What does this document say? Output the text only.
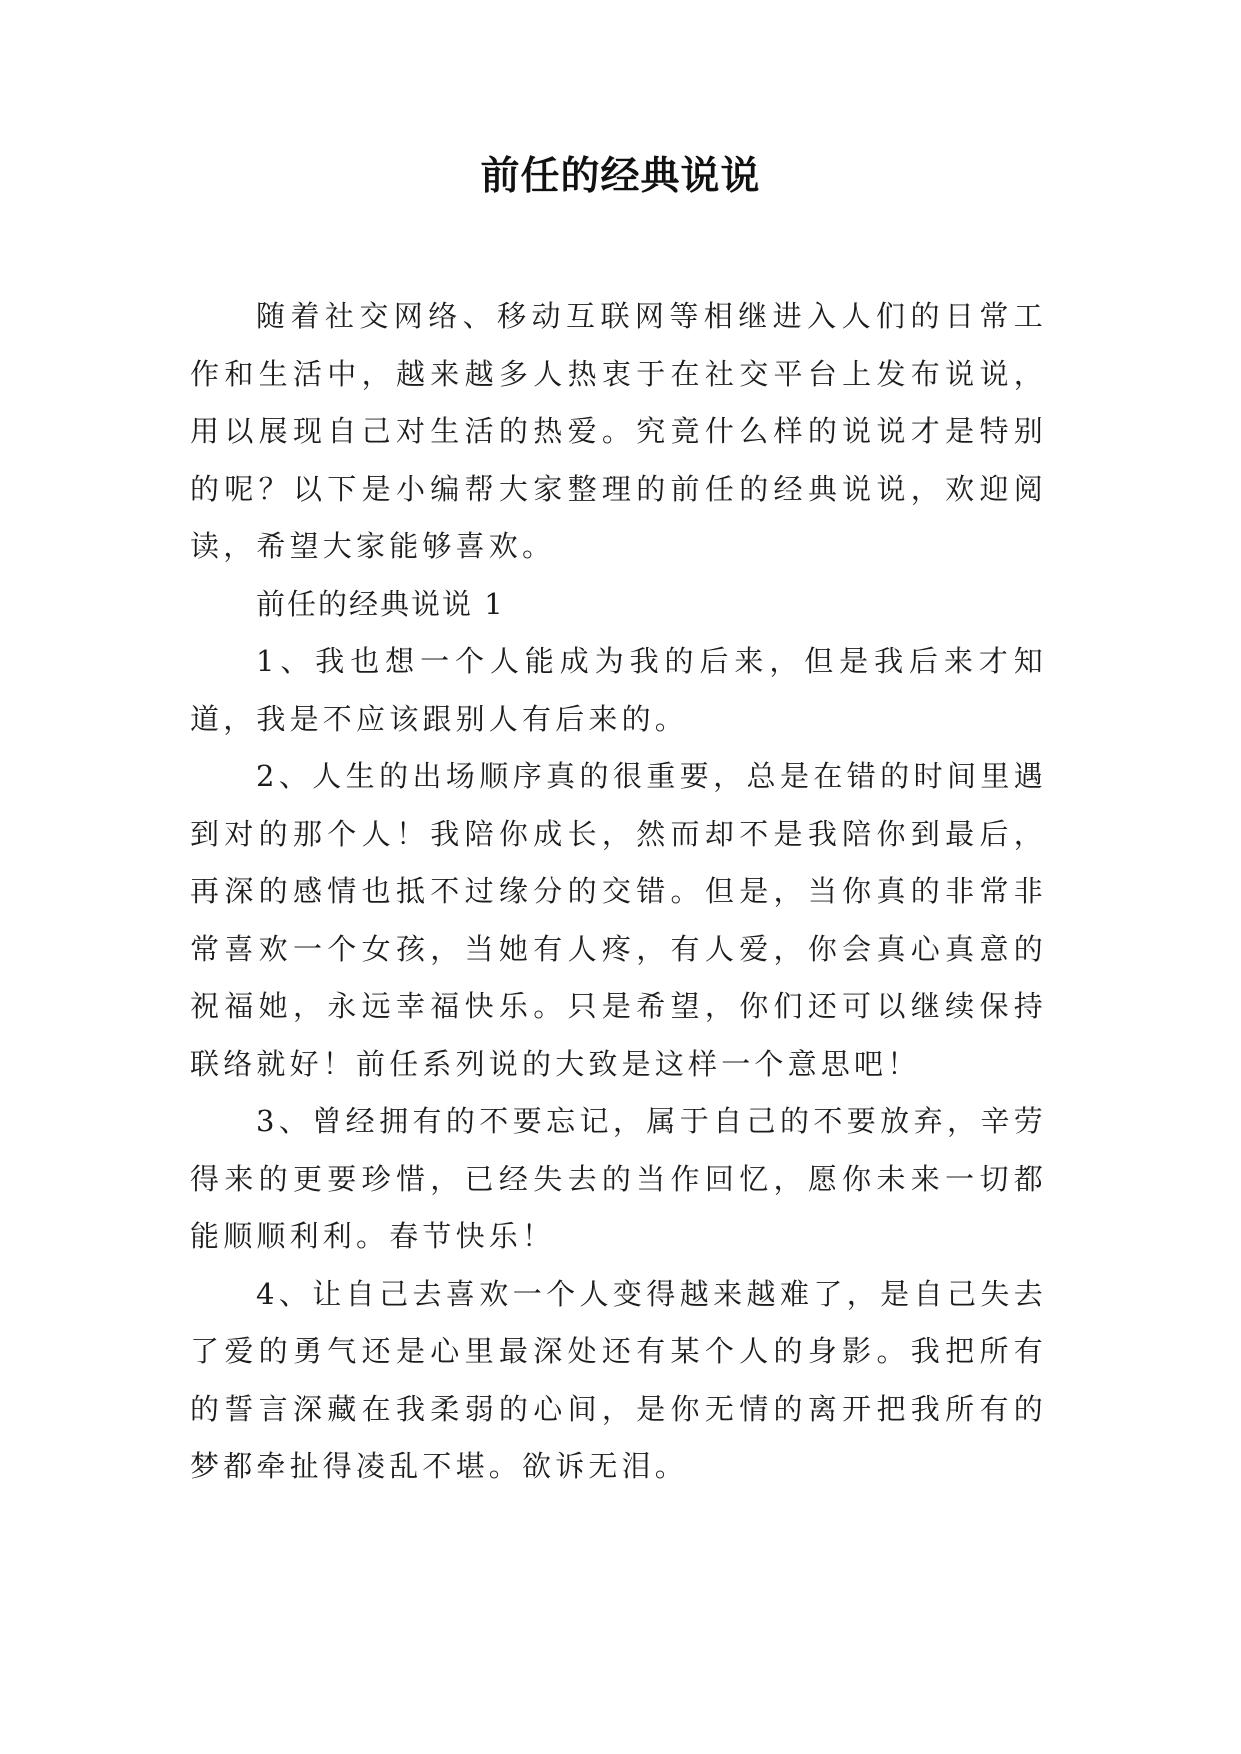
前任的经典说说

随着社交网络、移动互联网等相继进入人们的日常工作和生活中，越来越多人热衷于在社交平台上发布说说，用以展现自己对生活的热爱。究竟什么样的说说才是特别的呢？以下是小编帮大家整理的前任的经典说说，欢迎阅读，希望大家能够喜欢。

前任的经典说说 1

1、我也想一个人能成为我的后来，但是我后来才知道，我是不应该跟别人有后来的。

2、人生的出场顺序真的很重要，总是在错的时间里遇到对的那个人！我陪你成长，然而却不是我陪你到最后，再深的感情也抵不过缘分的交错。但是，当你真的非常非常喜欢一个女孩，当她有人疼，有人爱，你会真心真意的祝福她，永远幸福快乐。只是希望，你们还可以继续保持联络就好！前任系列说的大致是这样一个意思吧！

3、曾经拥有的不要忘记，属于自己的不要放弃，辛劳得来的更要珍惜，已经失去的当作回忆，愿你未来一切都能顺顺利利。春节快乐！

4、让自己去喜欢一个人变得越来越难了，是自己失去了爱的勇气还是心里最深处还有某个人的身影。我把所有的誓言深藏在我柔弱的心间，是你无情的离开把我所有的梦都牵扯得凌乱不堪。欲诉无泪。
